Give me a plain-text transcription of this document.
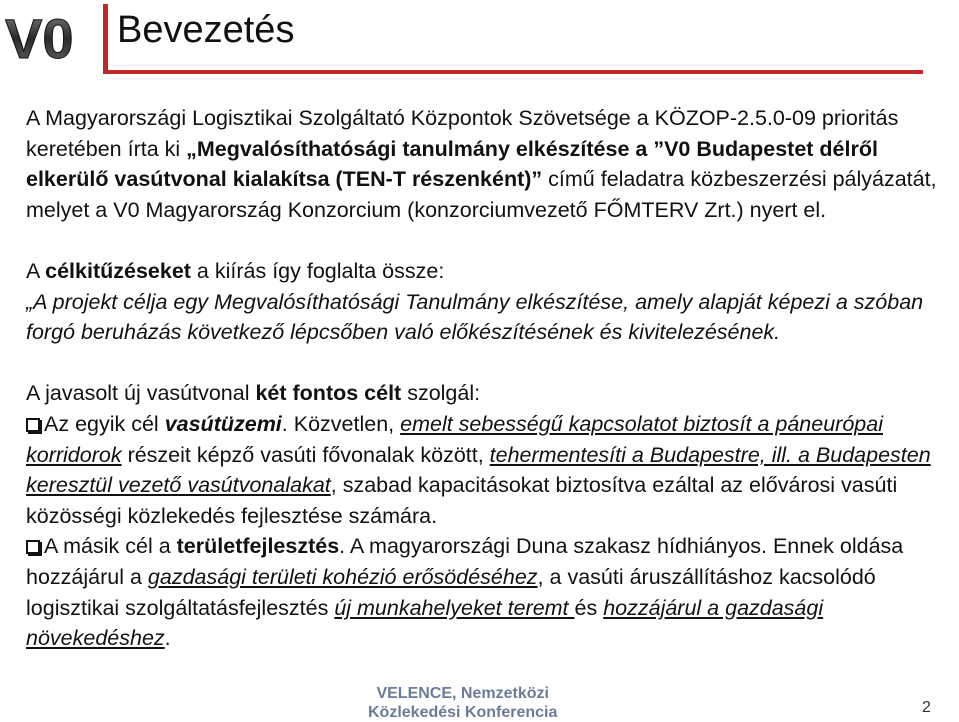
V0 Bevezetés

A Magyarországi Logisztikai Szolgáltató Központok Szövetsége a KÖZOP-2.5.0-09 prioritás keretében írta ki „Megvalósíthatósági tanulmány elkészítése a ”V0 Budapestet délről elkerülő vasútvonal kialakítsa (TEN-T részenként)” című feladatra közbeszerzési pályázatát, melyet a V0 Magyarország Konzorcium (konzorciumvezető FŐMTERV Zrt.) nyert el.

A célkitűzéseket a kiírás így foglalta össze:

„A projekt célja egy Megvalósíthatósági Tanulmány elkészítése, amely alapját képezi a szóban forgó beruházás következő lépcsőben való előkészítésének és kivitelezésének.

A javasolt új vasútvonal két fontos célt szolgál:

Az egyik cél vasútüzemi. Közvetlen, emelt sebességű kapcsolatot biztosít a páneurópai korridorok részeit képző vasúti fővonalak között, tehermentesíti a Budapestre, ill. a Budapesten keresztül vezető vasútvonalakat, szabad kapacitásokat biztosítva ezáltal az elővárosi vasúti közösségi közlekedés fejlesztése számára.

A másik cél a területfejlesztés. A magyarországi Duna szakasz hídhiányos. Ennek oldása hozzájárul a gazdasági területi kohézió erősödéséhez, a vasúti áruszállításhoz kacsolódó logisztikai szolgáltatásfejlesztés új munkahelyeket teremt és hozzájárul a gazdasági növekedéshez.

VELENCE, Nemzetközi
Közlekedési Konferencia	2
